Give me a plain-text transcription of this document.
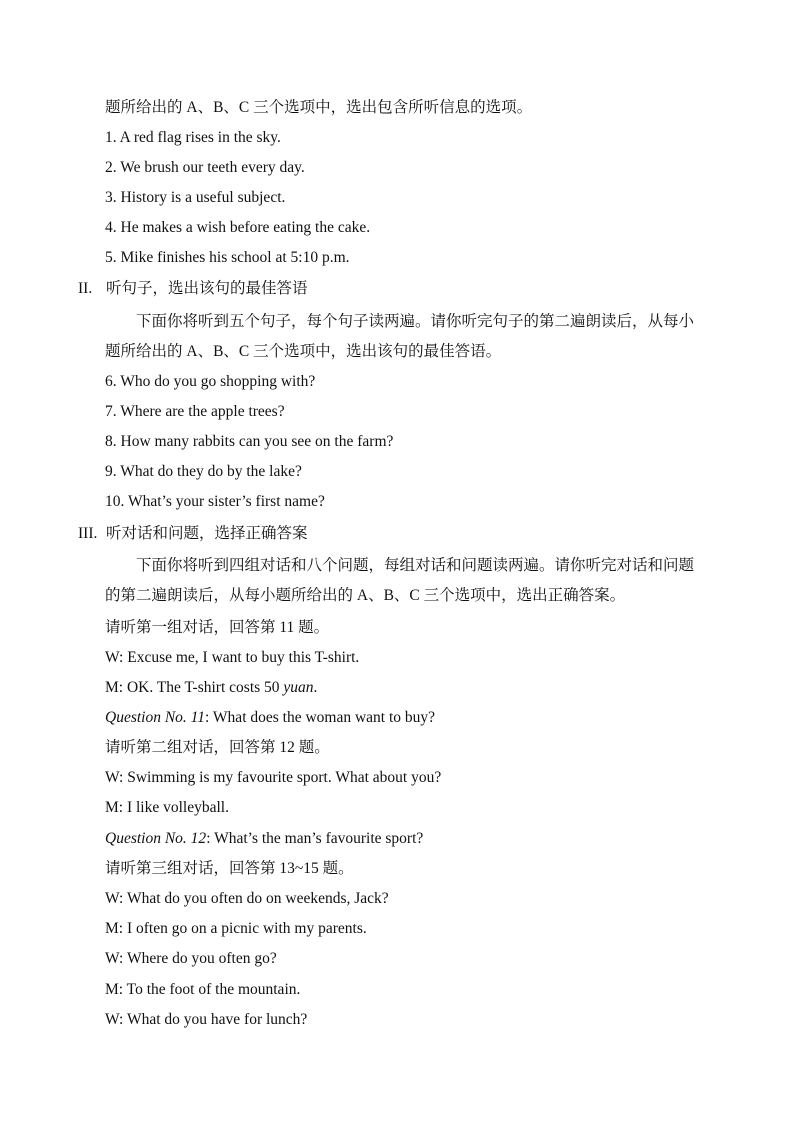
题所给出的 A、B、C 三个选项中，选出包含所听信息的选项。
1. A red flag rises in the sky.
2. We brush our teeth every day.
3. History is a useful subject.
4. He makes a wish before eating the cake.
5. Mike finishes his school at 5:10 p.m.
II. 听句子，选出该句的最佳答语
下面你将听到五个句子，每个句子读两遍。请你听完句子的第二遍朗读后，从每小
题所给出的 A、B、C 三个选项中，选出该句的最佳答语。
6. Who do you go shopping with?
7. Where are the apple trees?
8. How many rabbits can you see on the farm?
9. What do they do by the lake?
10. What’s your sister’s first name?
III. 听对话和问题，选择正确答案
下面你将听到四组对话和八个问题，每组对话和问题读两遍。请你听完对话和问题
的第二遍朗读后，从每小题所给出的 A、B、C 三个选项中，选出正确答案。
请听第一组对话，回答第 11 题。
W: Excuse me, I want to buy this T-shirt.
M: OK. The T-shirt costs 50 yuan.
Question No. 11: What does the woman want to buy?
请听第二组对话，回答第 12 题。
W: Swimming is my favourite sport. What about you?
M: I like volleyball.
Question No. 12: What’s the man’s favourite sport?
请听第三组对话，回答第 13~15 题。
W: What do you often do on weekends, Jack?
M: I often go on a picnic with my parents.
W: Where do you often go?
M: To the foot of the mountain.
W: What do you have for lunch?
